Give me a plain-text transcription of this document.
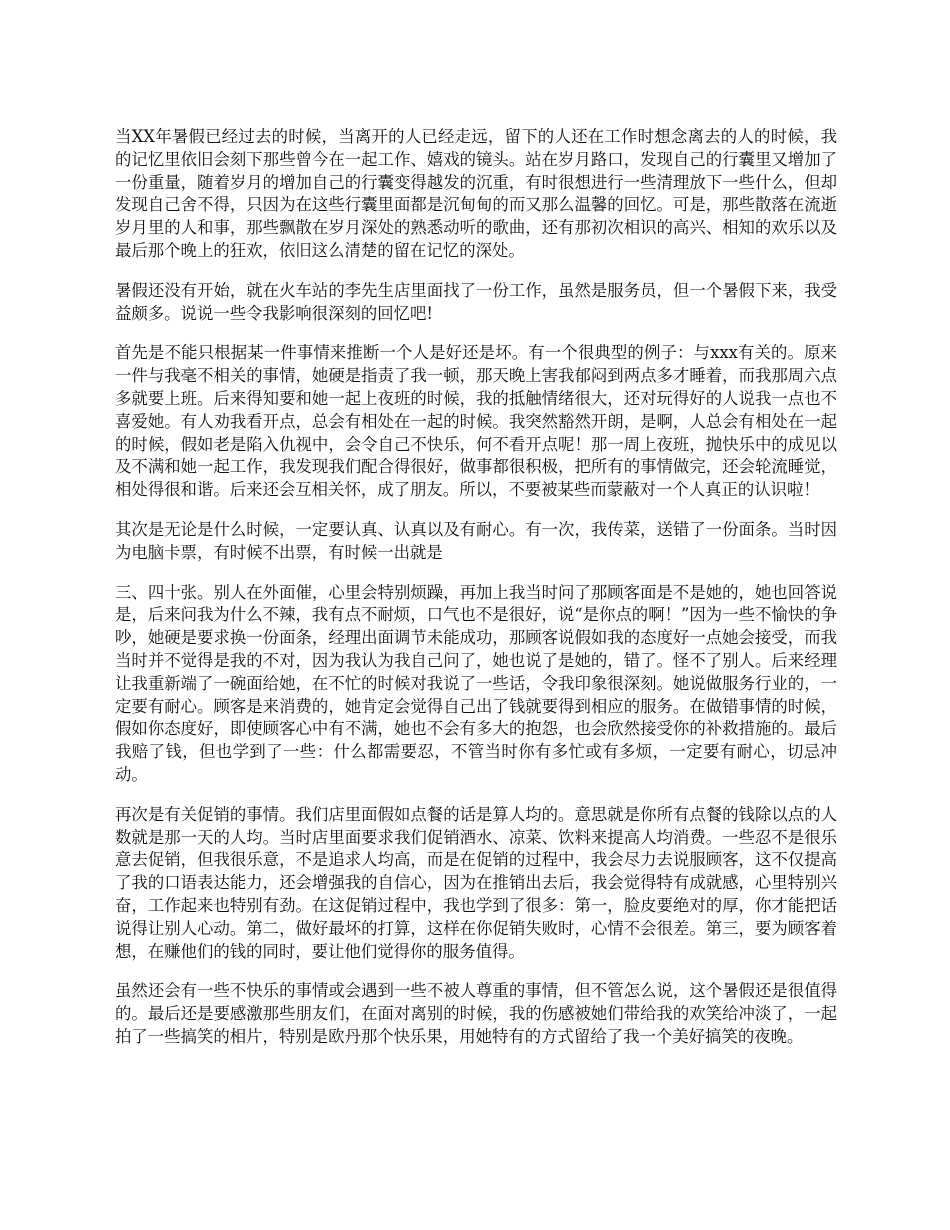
当XX年暑假已经过去的时候，当离开的人已经走远，留下的人还在工作时想念离去的人的时候，我的记忆里依旧会刻下那些曾今在一起工作、嬉戏的镜头。站在岁月路口，发现自己的行囊里又增加了一份重量，随着岁月的增加自己的行囊变得越发的沉重，有时很想进行一些清理放下一些什么，但却发现自己舍不得，只因为在这些行囊里面都是沉甸甸的而又那么温馨的回忆。可是，那些散落在流逝岁月里的人和事，那些飘散在岁月深处的熟悉动听的歌曲，还有那初次相识的高兴、相知的欢乐以及最后那个晚上的狂欢，依旧这么清楚的留在记忆的深处。

暑假还没有开始，就在火车站的李先生店里面找了一份工作，虽然是服务员，但一个暑假下来，我受益颇多。说说一些令我影响很深刻的回忆吧!

首先是不能只根据某一件事情来推断一个人是好还是坏。有一个很典型的例子：与xxx有关的。原来一件与我毫不相关的事情，她硬是指责了我一顿，那天晚上害我郁闷到两点多才睡着，而我那周六点多就要上班。后来得知要和她一起上夜班的时候，我的抵触情绪很大，还对玩得好的人说我一点也不喜爱她。有人劝我看开点，总会有相处在一起的时候。我突然豁然开朗，是啊，人总会有相处在一起的时候，假如老是陷入仇视中，会令自己不快乐，何不看开点呢！那一周上夜班，抛快乐中的成见以及不满和她一起工作，我发现我们配合得很好，做事都很积极，把所有的事情做完，还会轮流睡觉，相处得很和谐。后来还会互相关怀，成了朋友。所以，不要被某些而蒙蔽对一个人真正的认识啦！

其次是无论是什么时候，一定要认真、认真以及有耐心。有一次，我传菜，送错了一份面条。当时因为电脑卡票，有时候不出票，有时候一出就是

三、四十张。别人在外面催，心里会特别烦躁，再加上我当时问了那顾客面是不是她的，她也回答说是，后来问我为什么不辣，我有点不耐烦，口气也不是很好，说“是你点的啊！”因为一些不愉快的争吵，她硬是要求换一份面条，经理出面调节未能成功，那顾客说假如我的态度好一点她会接受，而我当时并不觉得是我的不对，因为我认为我自己问了，她也说了是她的，错了。怪不了别人。后来经理让我重新端了一碗面给她，在不忙的时候对我说了一些话，令我印象很深刻。她说做服务行业的，一定要有耐心。顾客是来消费的，她肯定会觉得自己出了钱就要得到相应的服务。在做错事情的时候，假如你态度好，即使顾客心中有不满，她也不会有多大的抱怨，也会欣然接受你的补救措施的。最后我赔了钱，但也学到了一些：什么都需要忍，不管当时你有多忙或有多烦，一定要有耐心，切忌冲动。

再次是有关促销的事情。我们店里面假如点餐的话是算人均的。意思就是你所有点餐的钱除以点的人数就是那一天的人均。当时店里面要求我们促销酒水、凉菜、饮料来提高人均消费。一些忍不是很乐意去促销，但我很乐意，不是追求人均高，而是在促销的过程中，我会尽力去说服顾客，这不仅提高了我的口语表达能力，还会增强我的自信心，因为在推销出去后，我会觉得特有成就感，心里特别兴奋，工作起来也特别有劲。在这促销过程中，我也学到了很多：第一，脸皮要绝对的厚，你才能把话说得让别人心动。第二，做好最坏的打算，这样在你促销失败时，心情不会很差。第三，要为顾客着想，在赚他们的钱的同时，要让他们觉得你的服务值得。

虽然还会有一些不快乐的事情或会遇到一些不被人尊重的事情，但不管怎么说，这个暑假还是很值得的。最后还是要感激那些朋友们，在面对离别的时候，我的伤感被她们带给我的欢笑给冲淡了，一起拍了一些搞笑的相片，特别是欧丹那个快乐果，用她特有的方式留给了我一个美好搞笑的夜晚。
